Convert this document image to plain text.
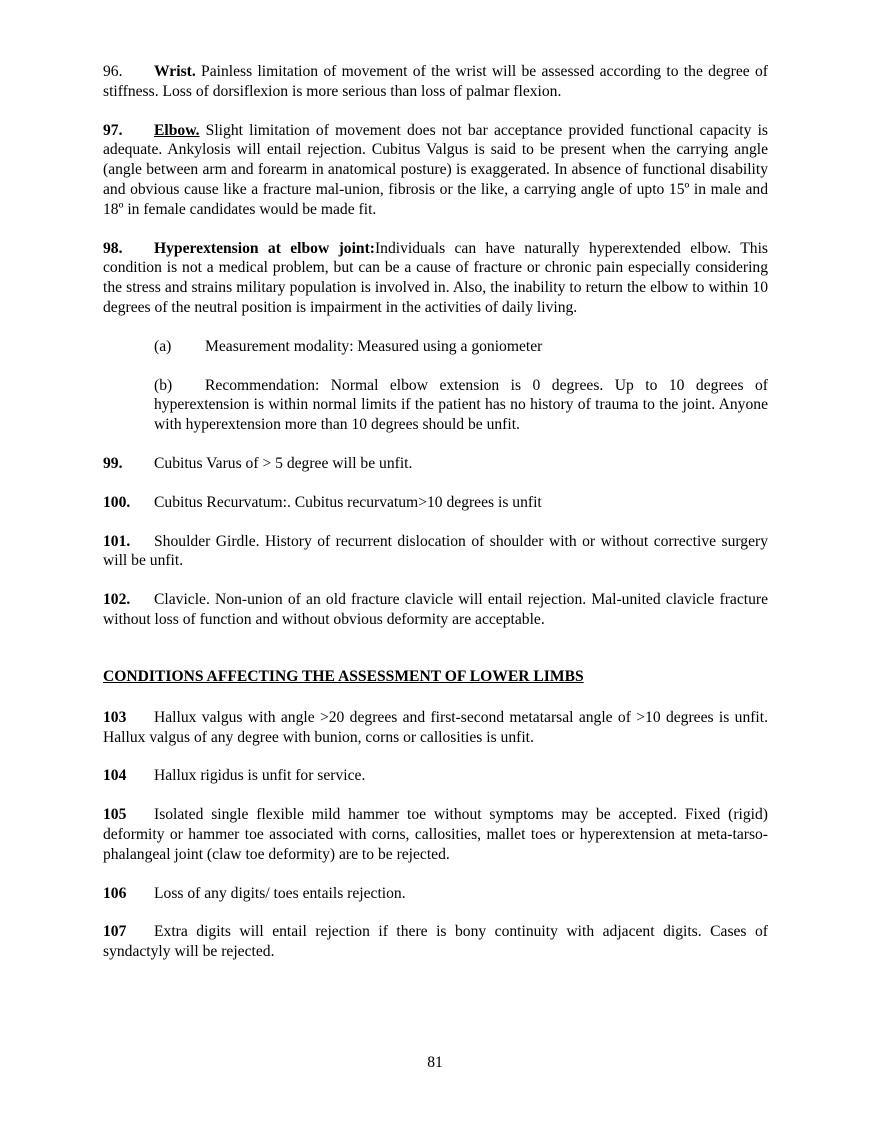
96. Wrist. Painless limitation of movement of the wrist will be assessed according to the degree of stiffness. Loss of dorsiflexion is more serious than loss of palmar flexion.

97. Elbow. Slight limitation of movement does not bar acceptance provided functional capacity is adequate. Ankylosis will entail rejection. Cubitus Valgus is said to be present when the carrying angle (angle between arm and forearm in anatomical posture) is exaggerated. In absence of functional disability and obvious cause like a fracture mal-union, fibrosis or the like, a carrying angle of upto 15º in male and 18º in female candidates would be made fit.

98. Hyperextension at elbow joint:Individuals can have naturally hyperextended elbow. This condition is not a medical problem, but can be a cause of fracture or chronic pain especially considering the stress and strains military population is involved in. Also, the inability to return the elbow to within 10 degrees of the neutral position is impairment in the activities of daily living.

(a) Measurement modality: Measured using a goniometer

(b) Recommendation: Normal elbow extension is 0 degrees. Up to 10 degrees of hyperextension is within normal limits if the patient has no history of trauma to the joint. Anyone with hyperextension more than 10 degrees should be unfit.

99. Cubitus Varus of > 5 degree will be unfit.

100. Cubitus Recurvatum:. Cubitus recurvatum>10 degrees is unfit

101. Shoulder Girdle. History of recurrent dislocation of shoulder with or without corrective surgery will be unfit.

102. Clavicle. Non-union of an old fracture clavicle will entail rejection. Mal-united clavicle fracture without loss of function and without obvious deformity are acceptable.

CONDITIONS AFFECTING THE ASSESSMENT OF LOWER LIMBS

103 Hallux valgus with angle >20 degrees and first-second metatarsal angle of >10 degrees is unfit. Hallux valgus of any degree with bunion, corns or callosities is unfit.

104 Hallux rigidus is unfit for service.

105 Isolated single flexible mild hammer toe without symptoms may be accepted. Fixed (rigid) deformity or hammer toe associated with corns, callosities, mallet toes or hyperextension at meta-tarso-phalangeal joint (claw toe deformity) are to be rejected.

106 Loss of any digits/ toes entails rejection.

107 Extra digits will entail rejection if there is bony continuity with adjacent digits. Cases of syndactyly will be rejected.

81
